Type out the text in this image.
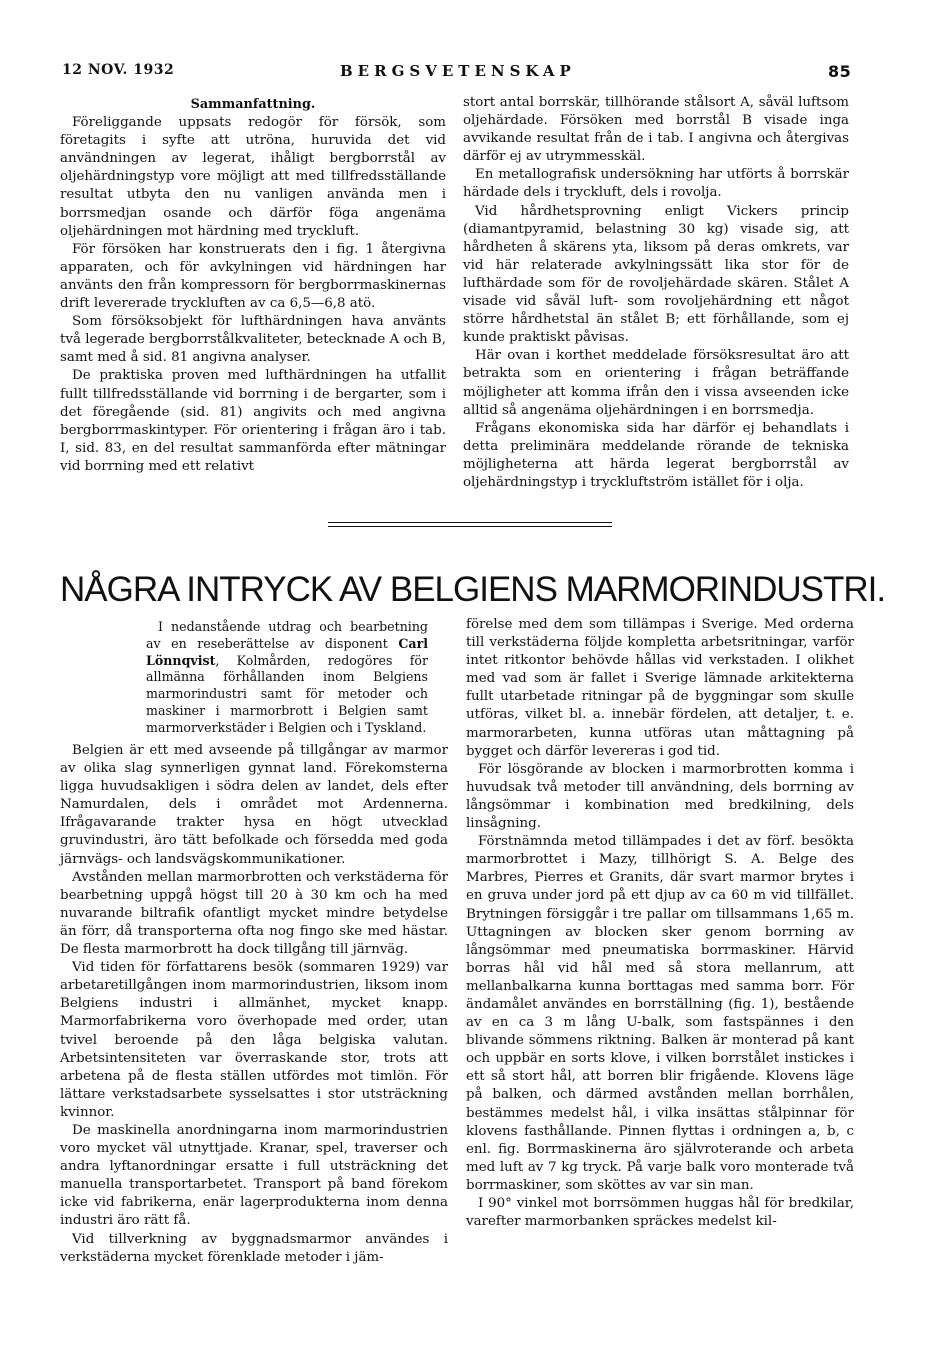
12 NOV. 1932	BERGSVETENSKAP	85

Sammanfattning.

Föreliggande uppsats redogör för försök, som företagits i syfte att utröna, huruvida det vid användningen av legerat, ihåligt bergborrstål av oljehärdningstyp vore möjligt att med tillfredsställande resultat utbyta den nu vanligen använda men i borrsmedjan osande och därför föga angenäma oljehärdningen mot härdning med tryckluft.

För försöken har konstruerats den i fig. 1 återgivna apparaten, och för avkylningen vid härdningen har använts den från kompressorn för bergborrmaskinernas drift levererade tryckluften av ca 6,5—6,8 atö.

Som försöksobjekt för lufthärdningen hava använts två legerade bergborrstålkvaliteter, betecknade A och B, samt med å sid. 81 angivna analyser.

De praktiska proven med lufthärdningen ha utfallit fullt tillfredsställande vid borrning i de bergarter, som i det föregående (sid. 81) angivits och med angivna bergborrmaskintyper. För orientering i frågan äro i tab. I, sid. 83, en del resultat sammanförda efter mätningar vid borrning med ett relativt

stort antal borrskär, tillhörande stålsort A, såväl luftsom oljehärdade. Försöken med borrstål B visade inga avvikande resultat från de i tab. I angivna och återgivas därför ej av utrymmesskäl.

En metallografisk undersökning har utförts å borrskär härdade dels i tryckluft, dels i rovolja.

Vid hårdhetsprovning enligt Vickers princip (diamantpyramid, belastning 30 kg) visade sig, att hårdheten å skärens yta, liksom på deras omkrets, var vid här relaterade avkylningssätt lika stor för de lufthärdade som för de rovoljehärdade skären. Stålet A visade vid såväl luft- som rovoljehärdning ett något större hårdhetstal än stålet B; ett förhållande, som ej kunde praktiskt påvisas.

Här ovan i korthet meddelade försöksresultat äro att betrakta som en orientering i frågan beträffande möjligheter att komma ifrån den i vissa avseenden icke alltid så angenäma oljehärdningen i en borrsmedja.

Frågans ekonomiska sida har därför ej behandlats i detta preliminära meddelande rörande de tekniska möjligheterna att härda legerat bergborrstål av oljehärdningstyp i tryckluftström istället för i olja.

NÅGRA INTRYCK AV BELGIENS MARMORINDUSTRI.

I nedanstående utdrag och bearbetning av en reseberättelse av disponent Carl Lönnqvist, Kolmården, redogöres för allmänna förhållanden inom Belgiens marmorindustri samt för metoder och maskiner i marmorbrott i Belgien samt marmorverkstäder i Belgien och i Tyskland.

Belgien är ett med avseende på tillgångar av marmor av olika slag synnerligen gynnat land. Förekomsterna ligga huvudsakligen i södra delen av landet, dels efter Namurdalen, dels i området mot Ardennerna. Ifrågavarande trakter hysa en högt utvecklad gruvindustri, äro tätt befolkade och försedda med goda järnvägs- och landsvägskommunikationer.

Avstånden mellan marmorbrotten och verkstäderna för bearbetning uppgå högst till 20 à 30 km och ha med nuvarande biltrafik ofantligt mycket mindre betydelse än förr, då transporterna ofta nog fingo ske med hästar. De flesta marmorbrott ha dock tillgång till järnväg.

Vid tiden för författarens besök (sommaren 1929) var arbetaretillgången inom marmorindustrien, liksom inom Belgiens industri i allmänhet, mycket knapp. Marmorfabrikerna voro överhopade med order, utan tvivel beroende på den låga belgiska valutan. Arbetsintensiteten var överraskande stor, trots att arbetena på de flesta ställen utfördes mot timlön. För lättare verkstadsarbete sysselsattes i stor utsträckning kvinnor.

De maskinella anordningarna inom marmorindustrien voro mycket väl utnyttjade. Kranar, spel, traverser och andra lyftanordningar ersatte i full utsträckning det manuella transportarbetet. Transport på band förekom icke vid fabrikerna, enär lagerprodukterna inom denna industri äro rätt få.

Vid tillverkning av byggnadsmarmor användes i verkstäderna mycket förenklade metoder i jäm-

förelse med dem som tillämpas i Sverige. Med orderna till verkstäderna följde kompletta arbetsritningar, varför intet ritkontor behövde hållas vid verkstaden. I olikhet med vad som är fallet i Sverige lämnade arkitekterna fullt utarbetade ritningar på de byggningar som skulle utföras, vilket bl. a. innebär fördelen, att detaljer, t. e. marmorarbeten, kunna utföras utan måttagning på bygget och därför levereras i god tid.

För lösgörande av blocken i marmorbrotten komma i huvudsak två metoder till användning, dels borrning av långsömmar i kombination med bredkilning, dels linsågning.

Förstnämnda metod tillämpades i det av förf. besökta marmorbrottet i Mazy, tillhörigt S. A. Belge des Marbres, Pierres et Granits, där svart marmor brytes i en gruva under jord på ett djup av ca 60 m vid tillfället. Brytningen försiggår i tre pallar om tillsammans 1,65 m. Uttagningen av blocken sker genom borrning av långsömmar med pneumatiska borrmaskiner. Härvid borras hål vid hål med så stora mellanrum, att mellanbalkarna kunna borttagas med samma borr. För ändamålet användes en borrställning (fig. 1), bestående av en ca 3 m lång U-balk, som fastspännes i den blivande sömmens riktning. Balken är monterad på kant och uppbär en sorts klove, i vilken borrstålet instickes i ett så stort hål, att borren blir frigående. Klovens läge på balken, och därmed avstånden mellan borrhålen, bestämmes medelst hål, i vilka insättas stålpinnar för klovens fasthållande. Pinnen flyttas i ordningen a, b, c enl. fig. Borrmaskinerna äro självroterande och arbeta med luft av 7 kg tryck. På varje balk voro monterade två borrmaskiner, som sköttes av var sin man.

I 90° vinkel mot borrsömmen huggas hål för bredkilar, varefter marmorbanken spräckes medelst kil-
